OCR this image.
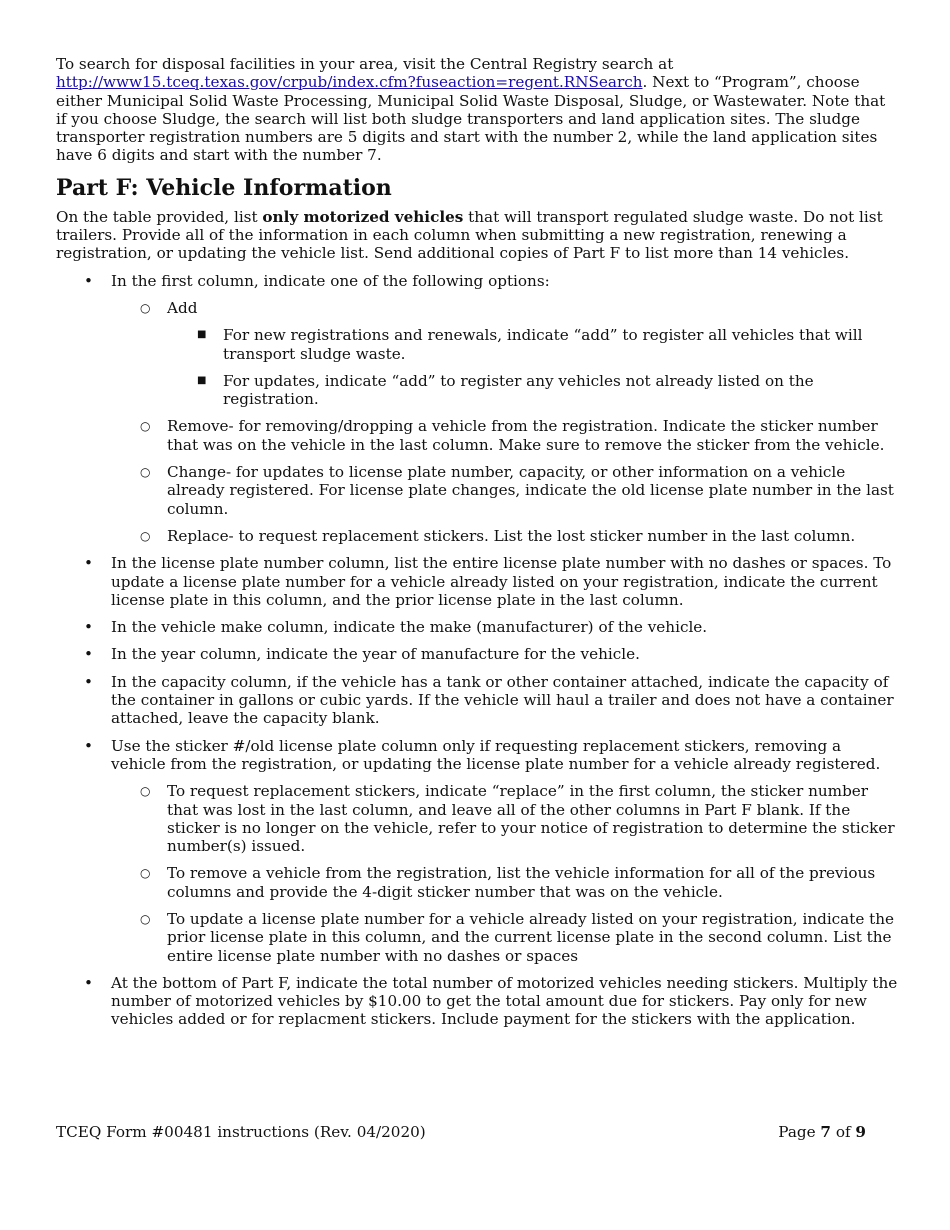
To search for disposal facilities in your area, visit the Central Registry search at http://www15.tceq.texas.gov/crpub/index.cfm?fuseaction=regent.RNSearch. Next to “Program”, choose either Municipal Solid Waste Processing, Municipal Solid Waste Disposal, Sludge, or Wastewater. Note that if you choose Sludge, the search will list both sludge transporters and land application sites. The sludge transporter registration numbers are 5 digits and start with the number 2, while the land application sites have 6 digits and start with the number 7.

Part F: Vehicle Information

On the table provided, list only motorized vehicles that will transport regulated sludge waste. Do not list trailers. Provide all of the information in each column when submitting a new registration, renewing a registration, or updating the vehicle list. Send additional copies of Part F to list more than 14 vehicles.

• In the first column, indicate one of the following options:
○ Add
■ For new registrations and renewals, indicate “add” to register all vehicles that will transport sludge waste.
■ For updates, indicate “add” to register any vehicles not already listed on the registration.
○ Remove- for removing/dropping a vehicle from the registration. Indicate the sticker number that was on the vehicle in the last column. Make sure to remove the sticker from the vehicle.
○ Change- for updates to license plate number, capacity, or other information on a vehicle already registered. For license plate changes, indicate the old license plate number in the last column.
○ Replace- to request replacement stickers. List the lost sticker number in the last column.
• In the license plate number column, list the entire license plate number with no dashes or spaces. To update a license plate number for a vehicle already listed on your registration, indicate the current license plate in this column, and the prior license plate in the last column.
• In the vehicle make column, indicate the make (manufacturer) of the vehicle.
• In the year column, indicate the year of manufacture for the vehicle.
• In the capacity column, if the vehicle has a tank or other container attached, indicate the capacity of the container in gallons or cubic yards. If the vehicle will haul a trailer and does not have a container attached, leave the capacity blank.
• Use the sticker #/old license plate column only if requesting replacement stickers, removing a vehicle from the registration, or updating the license plate number for a vehicle already registered.
○ To request replacement stickers, indicate “replace” in the first column, the sticker number that was lost in the last column, and leave all of the other columns in Part F blank. If the sticker is no longer on the vehicle, refer to your notice of registration to determine the sticker number(s) issued.
○ To remove a vehicle from the registration, list the vehicle information for all of the previous columns and provide the 4-digit sticker number that was on the vehicle.
○ To update a license plate number for a vehicle already listed on your registration, indicate the prior license plate in this column, and the current license plate in the second column. List the entire license plate number with no dashes or spaces
• At the bottom of Part F, indicate the total number of motorized vehicles needing stickers. Multiply the number of motorized vehicles by $10.00 to get the total amount due for stickers. Pay only for new vehicles added or for replacment stickers. Include payment for the stickers with the application.
TCEQ Form #00481 instructions (Rev. 04/2020)	Page 7 of 9
